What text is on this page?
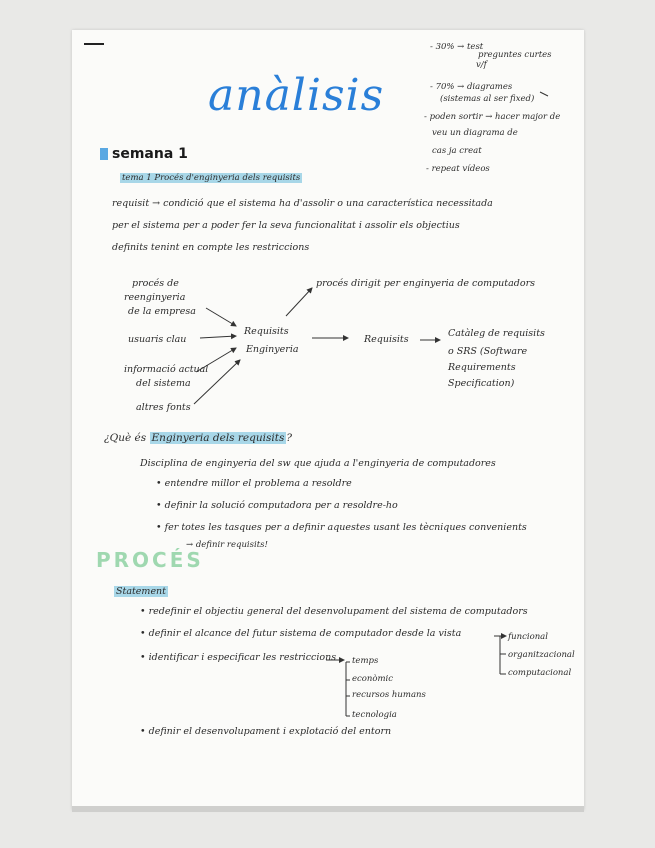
anàlisis
- 30% → test
preguntes curtes
v/f
- 70% → diagrames
(sistemas al ser fixed)
- poden sortir → hacer major de
veu un diagrama de
cas ja creat
- repeat vídeos
semana 1
tema 1 Procés d'enginyeria dels requisits
requisit → condició que el sistema ha d'assolir o una característica necessitada
per el sistema per a poder fer la seva funcionalitat i assolir els objectius
definits tenint en compte les restriccions
procés de
reenginyeria
de la empresa
usuaris clau
informació actual
del sistema
altres fonts
Requisits
Enginyeria
procés dirigit per enginyeria de computadors
Requisits
Catàleg de requisits
o SRS (Software
Requirements
Specification)
¿Què és Enginyeria dels requisits ?
Disciplina de enginyeria del sw que ajuda a l'enginyeria de computadores
• entendre millor el problema a resoldre
• definir la solució computadora per a resoldre-ho
• fer totes les tasques per a definir aquestes usant les tècniques convenients
→ definir requisits!
PROCÉS
Statement
• redefinir el objectiu general del desenvolupament del sistema de computadors
• definir el alcance del futur sistema de computador desde la vista
• identificar i especificar les restriccions temps
econòmic
recursos humans
tecnologia
funcional
organitzacional
computacional
• definir el desenvolupament i explotació del entorn
